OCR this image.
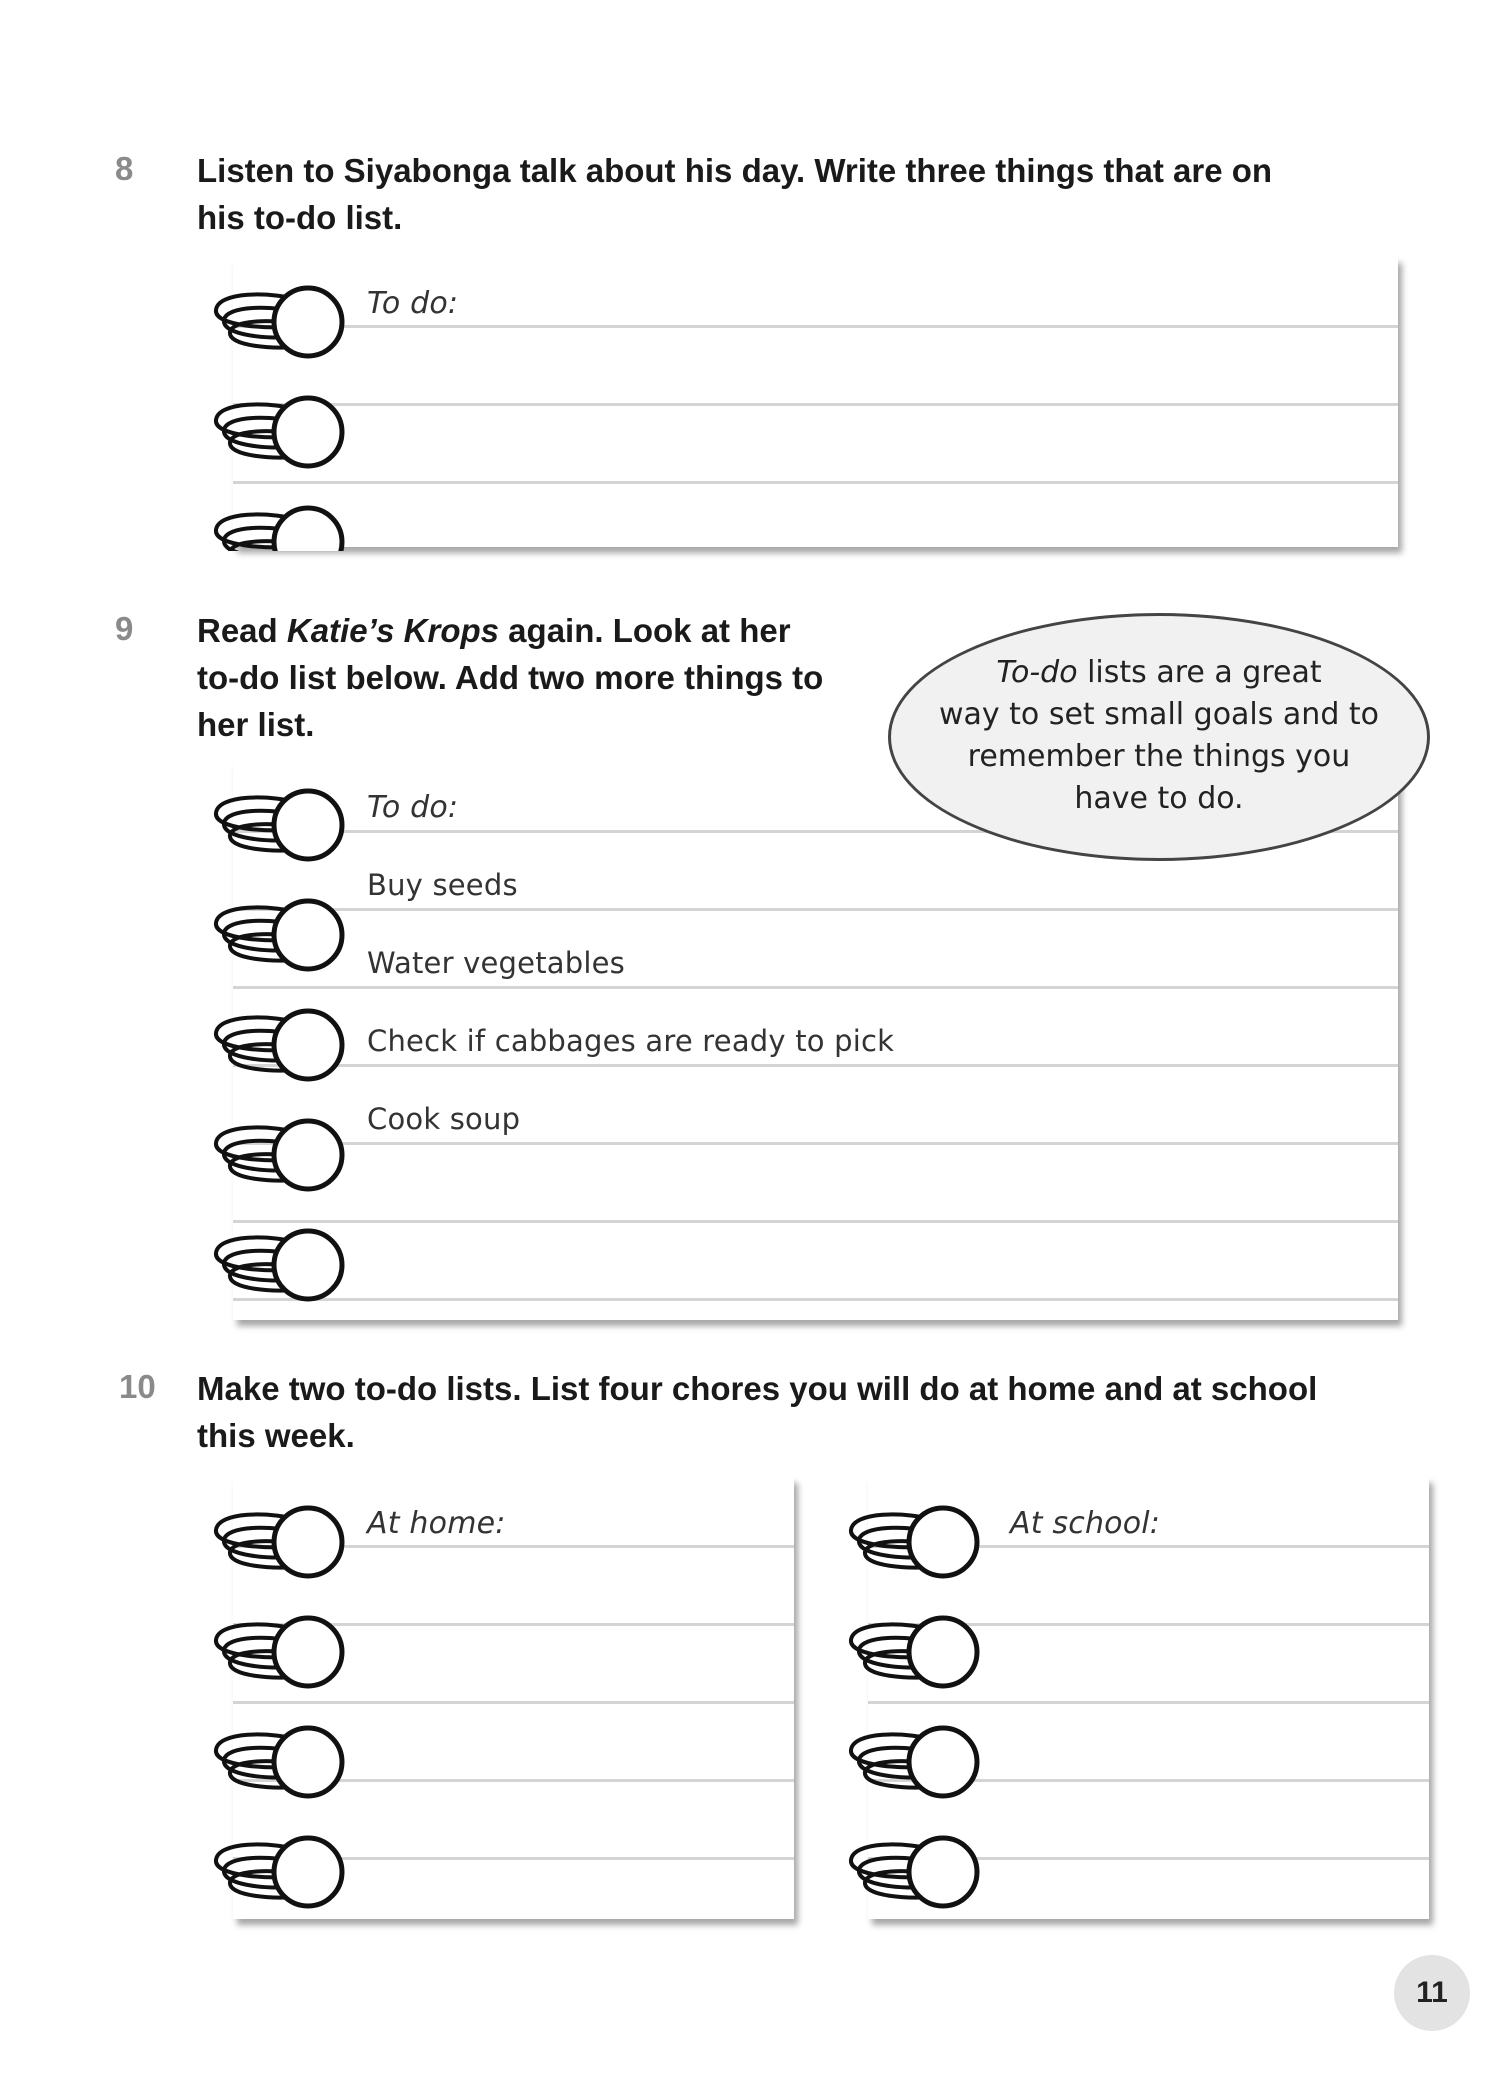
8 Listen to Siyabonga talk about his day. Write three things that are on
his to-do list.
To do:
9 Read Katie’s Krops again. Look at her
to-do list below. Add two more things to
her list.
To do:
Buy seeds
Water vegetables
Check if cabbages are ready to pick
Cook soup
To-do lists are a great
way to set small goals and to
remember the things you
have to do.
10 Make two to-do lists. List four chores you will do at home and at school
this week.
At home:	At school:
11
